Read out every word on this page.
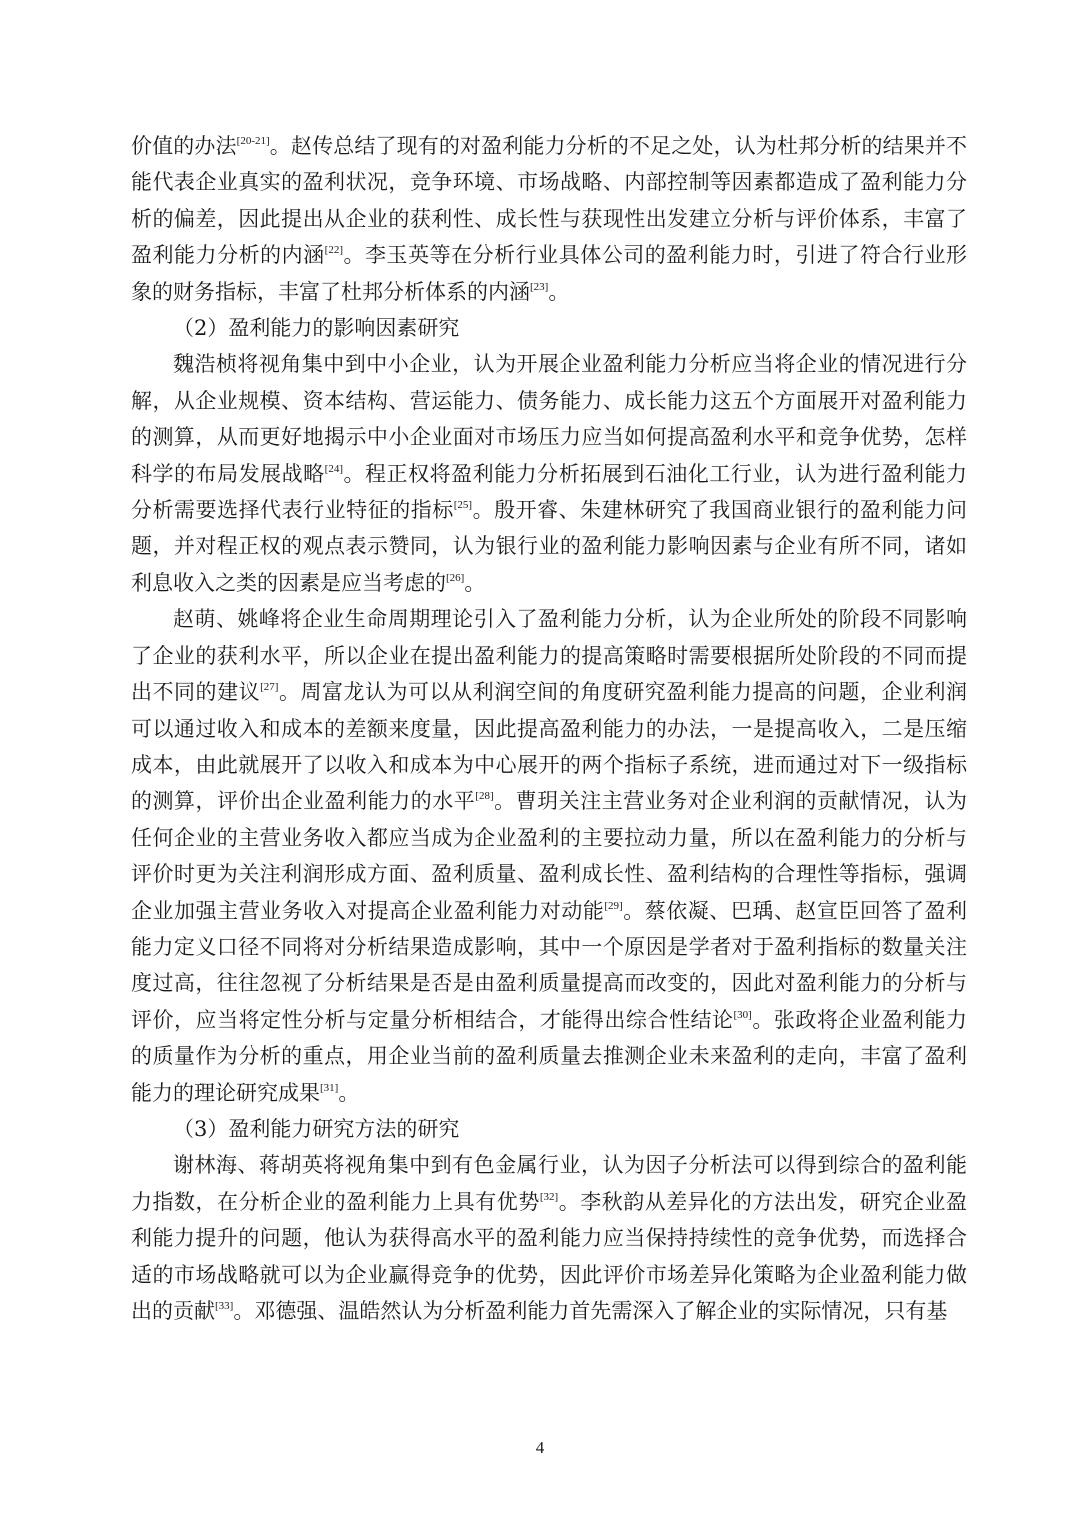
价值的办法[20-21]。赵传总结了现有的对盈利能力分析的不足之处，认为杜邦分析的结果并不能代表企业真实的盈利状况，竞争环境、市场战略、内部控制等因素都造成了盈利能力分析的偏差，因此提出从企业的获利性、成长性与获现性出发建立分析与评价体系，丰富了盈利能力分析的内涵[22]。李玉英等在分析行业具体公司的盈利能力时，引进了符合行业形象的财务指标，丰富了杜邦分析体系的内涵[23]。

（2）盈利能力的影响因素研究

魏浩桢将视角集中到中小企业，认为开展企业盈利能力分析应当将企业的情况进行分解，从企业规模、资本结构、营运能力、债务能力、成长能力这五个方面展开对盈利能力的测算，从而更好地揭示中小企业面对市场压力应当如何提高盈利水平和竞争优势，怎样科学的布局发展战略[24]。程正权将盈利能力分析拓展到石油化工行业，认为进行盈利能力分析需要选择代表行业特征的指标[25]。殷开睿、朱建林研究了我国商业银行的盈利能力问题，并对程正权的观点表示赞同，认为银行业的盈利能力影响因素与企业有所不同，诸如利息收入之类的因素是应当考虑的[26]。

赵萌、姚峰将企业生命周期理论引入了盈利能力分析，认为企业所处的阶段不同影响了企业的获利水平，所以企业在提出盈利能力的提高策略时需要根据所处阶段的不同而提出不同的建议[27]。周富龙认为可以从利润空间的角度研究盈利能力提高的问题，企业利润可以通过收入和成本的差额来度量，因此提高盈利能力的办法，一是提高收入，二是压缩成本，由此就展开了以收入和成本为中心展开的两个指标子系统，进而通过对下一级指标的测算，评价出企业盈利能力的水平[28]。曹玥关注主营业务对企业利润的贡献情况，认为任何企业的主营业务收入都应当成为企业盈利的主要拉动力量，所以在盈利能力的分析与评价时更为关注利润形成方面、盈利质量、盈利成长性、盈利结构的合理性等指标，强调企业加强主营业务收入对提高企业盈利能力对动能[29]。蔡依凝、巴瑀、赵宣臣回答了盈利能力定义口径不同将对分析结果造成影响，其中一个原因是学者对于盈利指标的数量关注度过高，往往忽视了分析结果是否是由盈利质量提高而改变的，因此对盈利能力的分析与评价，应当将定性分析与定量分析相结合，才能得出综合性结论[30]。张政将企业盈利能力的质量作为分析的重点，用企业当前的盈利质量去推测企业未来盈利的走向，丰富了盈利能力的理论研究成果[31]。

（3）盈利能力研究方法的研究

谢林海、蒋胡英将视角集中到有色金属行业，认为因子分析法可以得到综合的盈利能力指数，在分析企业的盈利能力上具有优势[32]。李秋韵从差异化的方法出发，研究企业盈利能力提升的问题，他认为获得高水平的盈利能力应当保持持续性的竞争优势，而选择合适的市场战略就可以为企业赢得竞争的优势，因此评价市场差异化策略为企业盈利能力做出的贡献[33]。邓德强、温皓然认为分析盈利能力首先需深入了解企业的实际情况，只有基

4
